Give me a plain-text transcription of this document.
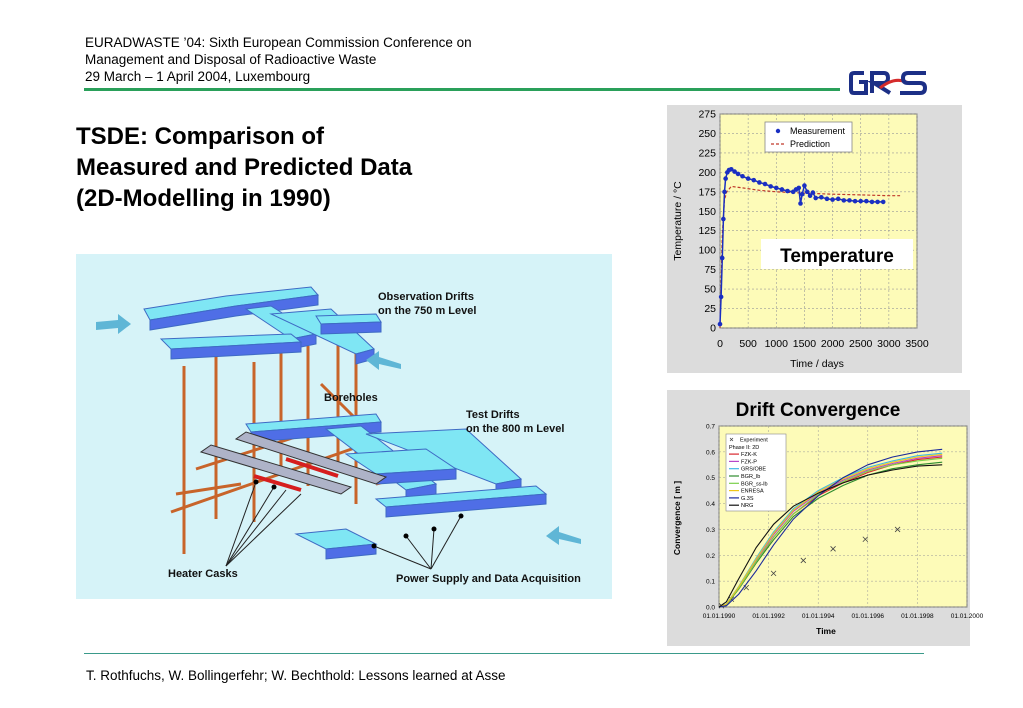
EURADWASTE ’04: Sixth European Commission Conference on
Management and Disposal of Radioactive Waste
29 March – 1 April 2004, Luxembourg
TSDE: Comparison of
Measured and Predicted Data
(2D-Modelling in 1990)
Observation Drifts
on the 750 m Level
Boreholes
Test Drifts
on the 800 m Level
Heater Casks	Power Supply and Data Acquisition
0
25
50
75
100
125
150
175
200
225
250
275
0 500 1000 1500 2000 2500 3000 3500
Measurement
Prediction
Temperature
Time / days
Temperature / °C
Drift Convergence
0.0
0.1
0.2
0.3
0.4
0.5
0.6
0.7
01.01.1990	01.01.1992	01.01.1994	01.01.1996	01.01.1998	01.01.2000
Experiment
Phase II: 2D
FZK-K
FZK-P
GRS/OBE
BGR_lb
BGR_ss-lb
ENRESA
G.3S
NRG
Time
Convergence [ m ]
T. Rothfuchs, W. Bollingerfehr; W. Bechthold: Lessons learned at Asse
